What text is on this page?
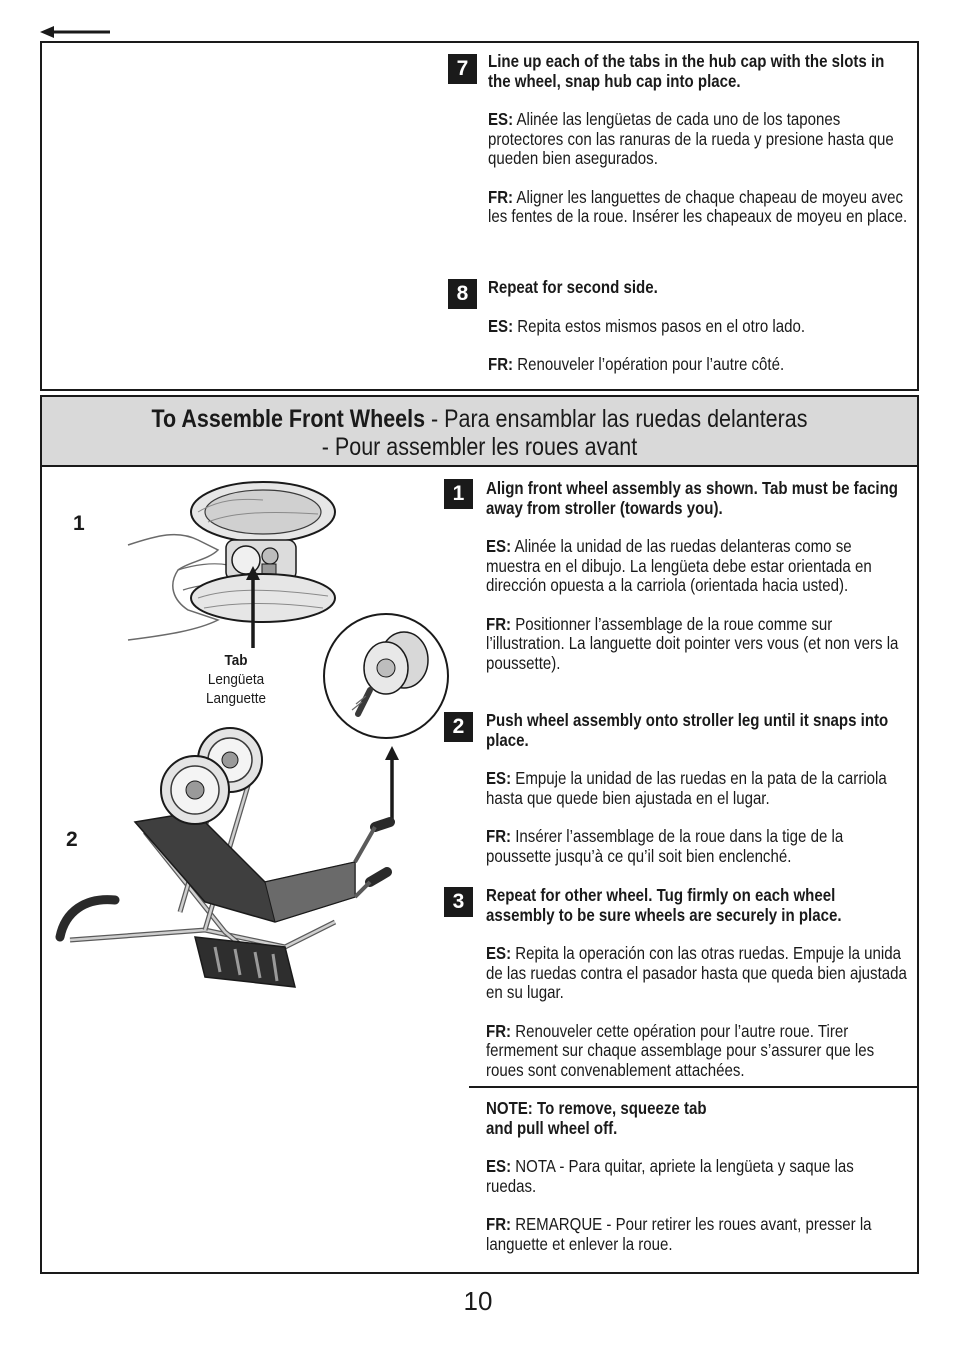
7	Line up each of the tabs in the hub cap with the slots in the wheel, snap hub cap into place.

ES: Alinée las lengüetas de cada uno de los tapones protectores con las ranuras de la rueda y presione hasta que queden bien asegurados.

FR: Aligner les languettes de chaque chapeau de moyeu avec les fentes de la roue. Insérer les chapeaux de moyeu en place.

8	Repeat for second side.

ES: Repita estos mismos pasos en el otro lado.

FR: Renouveler l’opération pour l’autre côté.

To Assemble Front Wheels - Para ensamblar las ruedas delanteras
- Pour assembler les roues avant
1	Align front wheel assembly as shown. Tab must be facing away from stroller (towards you).

ES: Alinée la unidad de las ruedas delanteras como se muestra en el dibujo. La lengüeta debe estar orientada en dirección opuesta a la carriola (orientada hacia usted).

FR: Positionner l’assemblage de la roue comme sur l’illustration. La languette doit pointer vers vous (et non vers la poussette).

2	Push wheel assembly onto stroller leg until it snaps into place.

ES: Empuje la unidad de las ruedas en la pata de la carriola hasta que quede bien ajustada en el lugar.

FR: Insérer l’assemblage de la roue dans la tige de la poussette jusqu’à ce qu’il soit bien enclenché.

3	Repeat for other wheel. Tug firmly on each wheel assembly to be sure wheels are securely in place.

ES: Repita la operación con las otras ruedas. Empuje la unida de las ruedas contra el pasador hasta que queda bien ajustada en su lugar.

FR: Renouveler cette opération pour l’autre roue. Tirer fermement sur chaque assemblage pour s’assurer que les roues sont convenablement attachées.

NOTE: To remove, squeeze tab
and pull wheel off.

ES: NOTA - Para quitar, apriete la lengüeta y saque las ruedas.

FR: REMARQUE - Pour retirer les roues avant, presser la languette et enlever la roue.

1
2
Tab
Lengüeta
Languette
10
